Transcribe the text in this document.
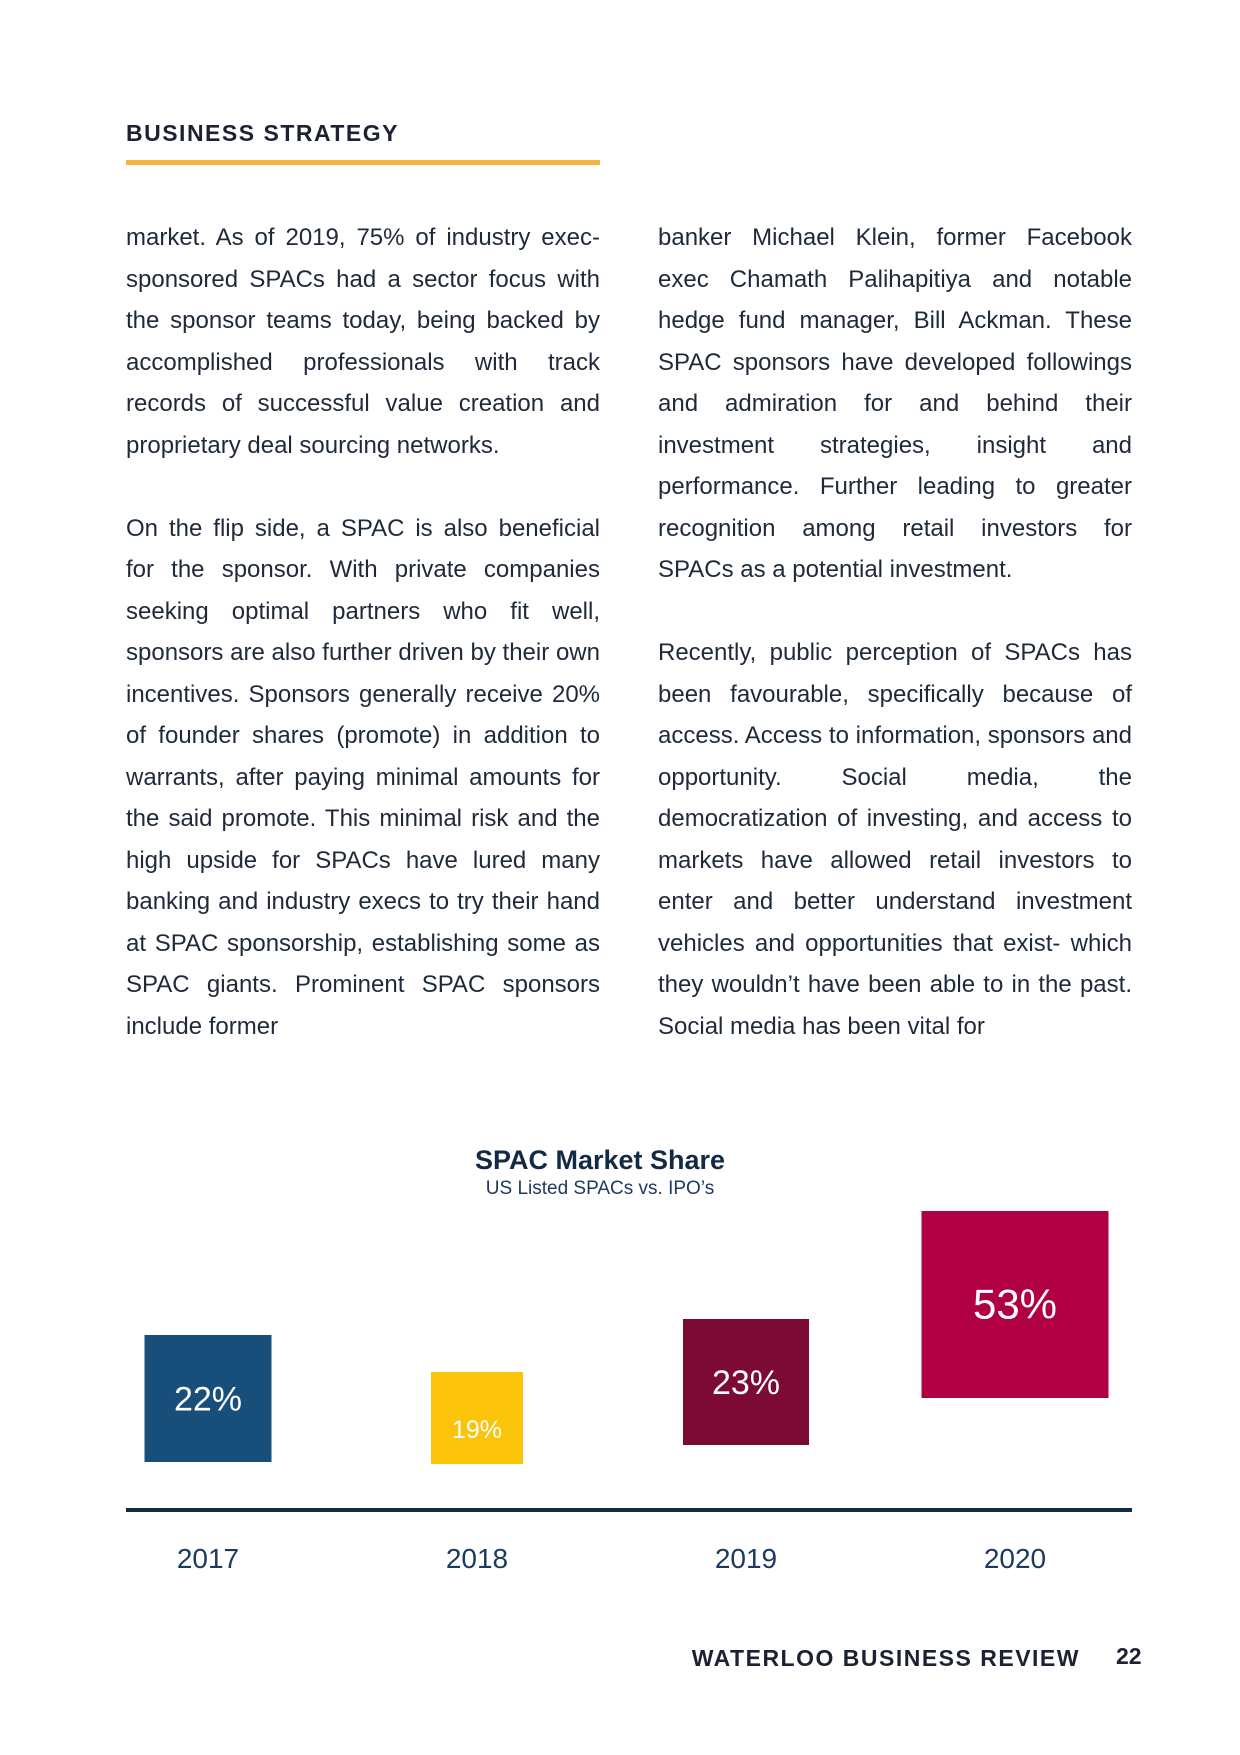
BUSINESS STRATEGY

market. As of 2019, 75% of industry exec-sponsored SPACs had a sector focus with the sponsor teams today, being backed by accomplished professionals with track records of successful value creation and proprietary deal sourcing networks.

On the flip side, a SPAC is also beneficial for the sponsor. With private companies seeking optimal partners who fit well, sponsors are also further driven by their own incentives. Sponsors generally receive 20% of founder shares (promote) in addition to warrants, after paying minimal amounts for the said promote. This minimal risk and the high upside for SPACs have lured many banking and industry execs to try their hand at SPAC sponsorship, establishing some as SPAC giants. Prominent SPAC sponsors include former

banker Michael Klein, former Facebook exec Chamath Palihapitiya and notable hedge fund manager, Bill Ackman. These SPAC sponsors have developed followings and admiration for and behind their investment strategies, insight and performance. Further leading to greater recognition among retail investors for SPACs as a potential investment.

Recently, public perception of SPACs has been favourable, specifically because of access. Access to information, sponsors and opportunity. Social media, the democratization of investing, and access to markets have allowed retail investors to enter and better understand investment vehicles and opportunities that exist- which they wouldn’t have been able to in the past. Social media has been vital for

SPAC Market Share
US Listed SPACs vs. IPO’s
22%
2017
19%
2018
23%
2019
53%
2020
WATERLOO BUSINESS REVIEW 22
